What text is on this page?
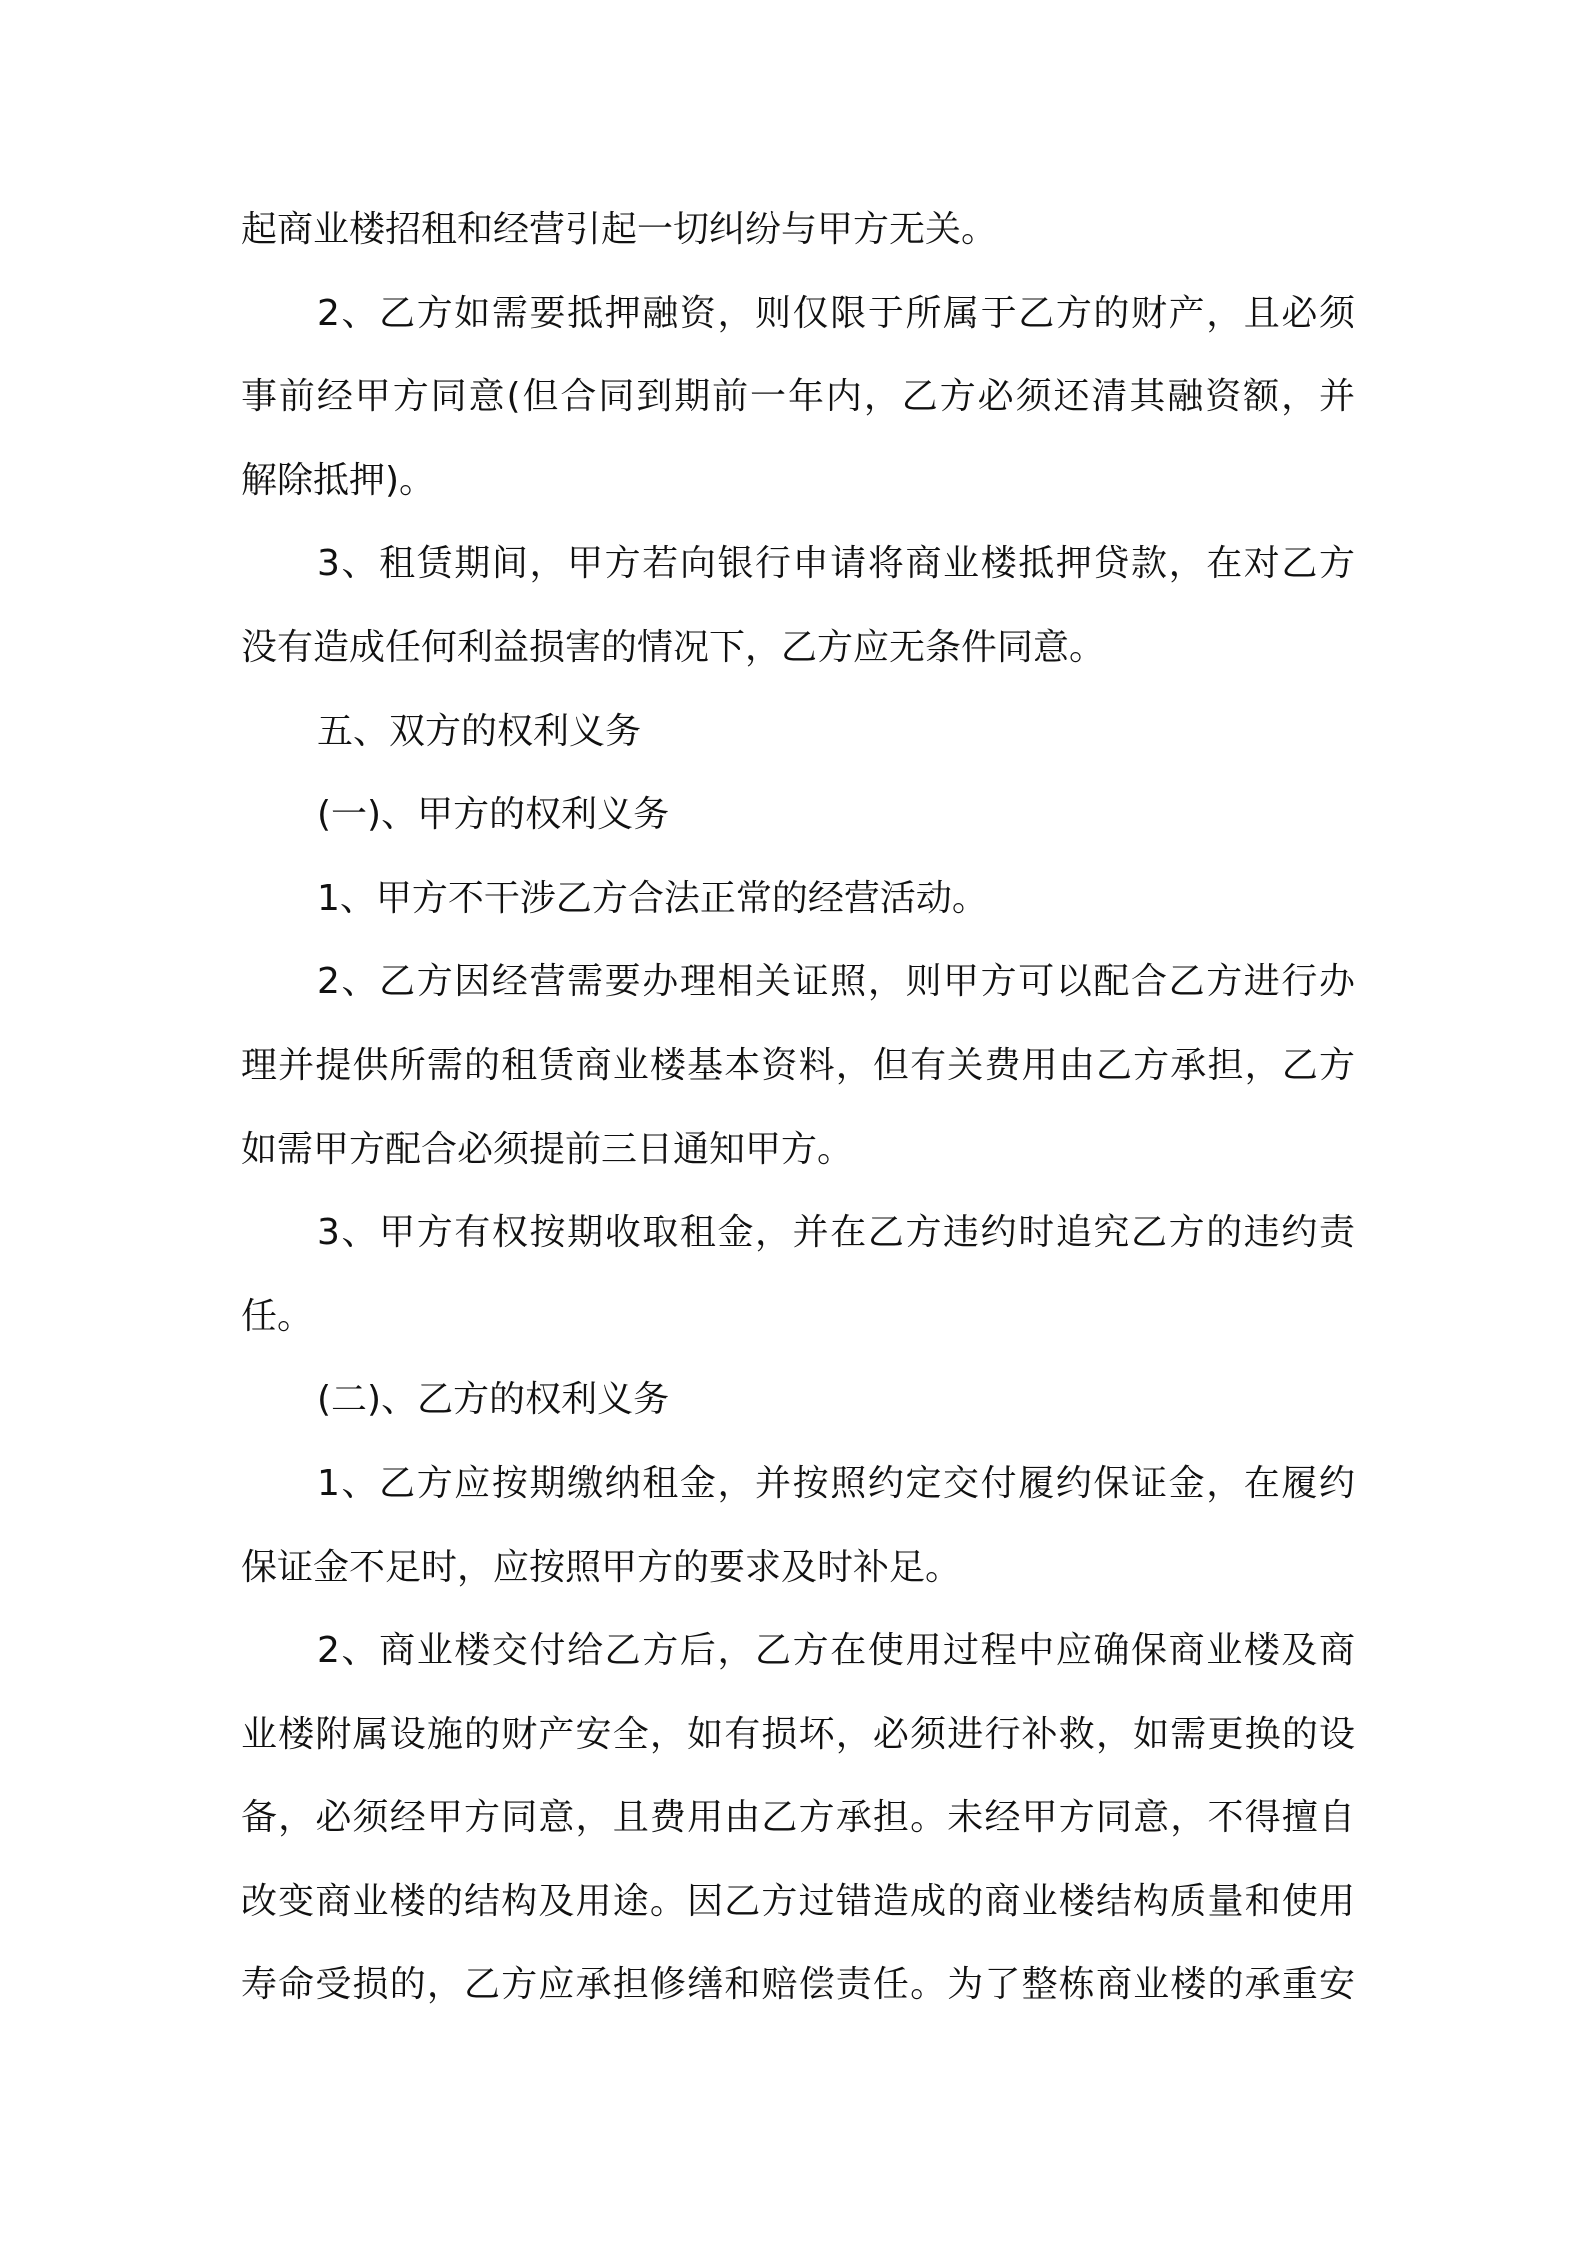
起商业楼招租和经营引起一切纠纷与甲方无关。
2、乙方如需要抵押融资，则仅限于所属于乙方的财产，且必须
事前经甲方同意(但合同到期前一年内，乙方必须还清其融资额，并
解除抵押)。
3、租赁期间，甲方若向银行申请将商业楼抵押贷款，在对乙方
没有造成任何利益损害的情况下，乙方应无条件同意。
五、双方的权利义务
(一)、甲方的权利义务
1、甲方不干涉乙方合法正常的经营活动。
2、乙方因经营需要办理相关证照，则甲方可以配合乙方进行办
理并提供所需的租赁商业楼基本资料，但有关费用由乙方承担，乙方
如需甲方配合必须提前三日通知甲方。
3、甲方有权按期收取租金，并在乙方违约时追究乙方的违约责
任。
(二)、乙方的权利义务
1、乙方应按期缴纳租金，并按照约定交付履约保证金，在履约
保证金不足时，应按照甲方的要求及时补足。
2、商业楼交付给乙方后，乙方在使用过程中应确保商业楼及商
业楼附属设施的财产安全，如有损坏，必须进行补救，如需更换的设
备，必须经甲方同意，且费用由乙方承担。未经甲方同意，不得擅自
改变商业楼的结构及用途。因乙方过错造成的商业楼结构质量和使用
寿命受损的，乙方应承担修缮和赔偿责任。为了整栋商业楼的承重安
